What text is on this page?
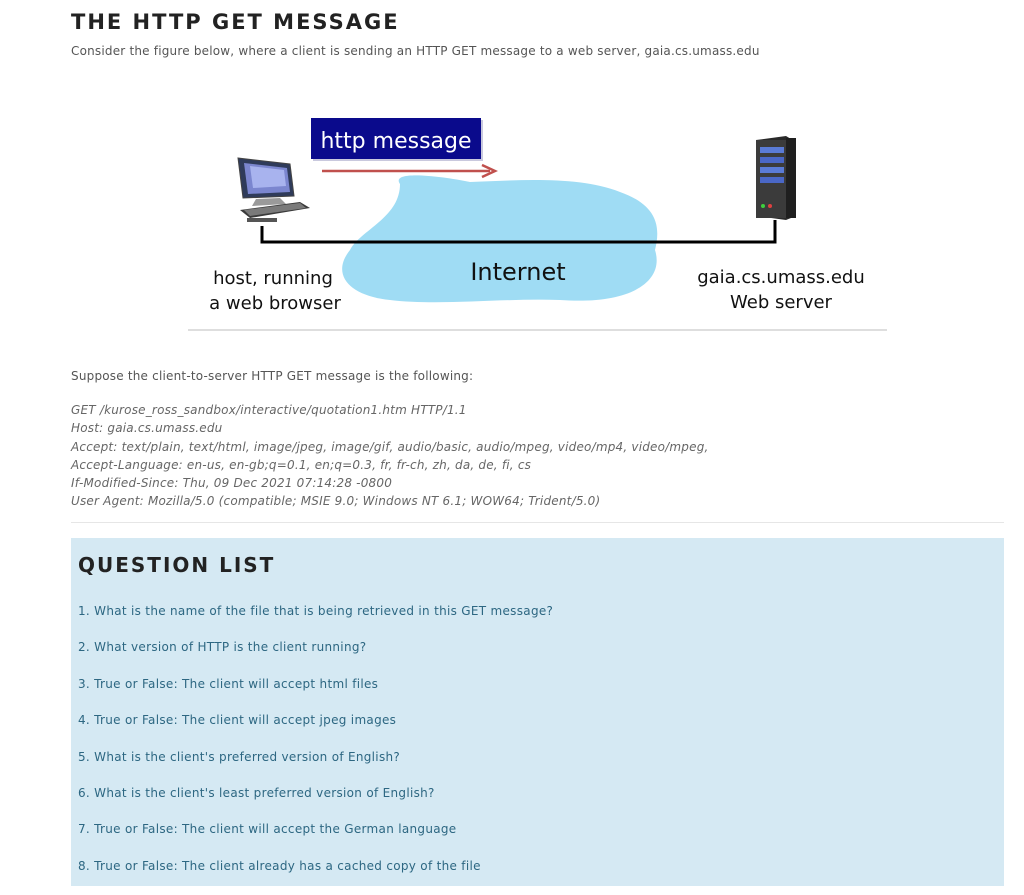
THE HTTP GET MESSAGE
Consider the figure below, where a client is sending an HTTP GET message to a web server, gaia.cs.umass.edu
http message
Internet
host, running
a web browser
gaia.cs.umass.edu
Web server
Suppose the client-to-server HTTP GET message is the following:
GET /kurose_ross_sandbox/interactive/quotation1.htm HTTP/1.1
Host: gaia.cs.umass.edu
Accept: text/plain, text/html, image/jpeg, image/gif, audio/basic, audio/mpeg, video/mp4, video/mpeg,
Accept-Language: en-us, en-gb;q=0.1, en;q=0.3, fr, fr-ch, zh, da, de, fi, cs
If-Modified-Since: Thu, 09 Dec 2021 07:14:28 -0800
User Agent: Mozilla/5.0 (compatible; MSIE 9.0; Windows NT 6.1; WOW64; Trident/5.0)
QUESTION LIST
1. What is the name of the file that is being retrieved in this GET message?
2. What version of HTTP is the client running?
3. True or False: The client will accept html files
4. True or False: The client will accept jpeg images
5. What is the client's preferred version of English?
6. What is the client's least preferred version of English?
7. True or False: The client will accept the German language
8. True or False: The client already has a cached copy of the file
